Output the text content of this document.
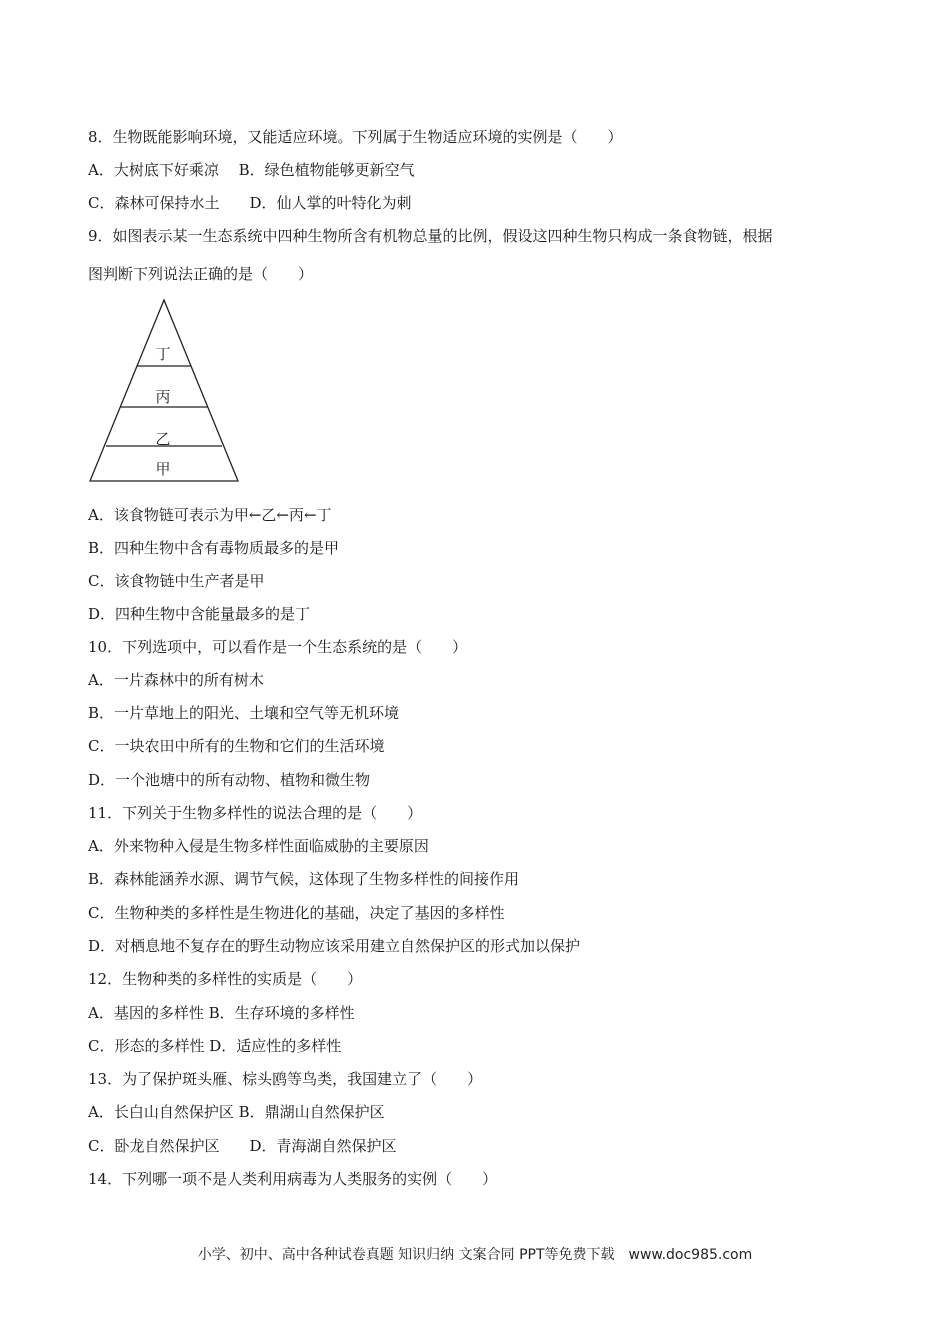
8．生物既能影响环境，又能适应环境。下列属于生物适应环境的实例是（　　）
A．大树底下好乘凉　 B．绿色植物能够更新空气
C．森林可保持水土　　D．仙人掌的叶特化为刺
9．如图表示某一生态系统中四种生物所含有机物总量的比例，假设这四种生物只构成一条食物链，根据
图判断下列说法正确的是（　　）
丁
丙
乙
甲
A．该食物链可表示为甲←乙←丙←丁
B．四种生物中含有毒物质最多的是甲
C．该食物链中生产者是甲
D．四种生物中含能量最多的是丁
10．下列选项中，可以看作是一个生态系统的是（　　）
A．一片森林中的所有树木
B．一片草地上的阳光、土壤和空气等无机环境
C．一块农田中所有的生物和它们的生活环境
D．一个池塘中的所有动物、植物和微生物
11．下列关于生物多样性的说法合理的是（　　）
A．外来物种入侵是生物多样性面临威胁的主要原因
B．森林能涵养水源、调节气候，这体现了生物多样性的间接作用
C．生物种类的多样性是生物进化的基础，决定了基因的多样性
D．对栖息地不复存在的野生动物应该采用建立自然保护区的形式加以保护
12．生物种类的多样性的实质是（　　）
A．基因的多样性 B．生存环境的多样性
C．形态的多样性 D．适应性的多样性
13．为了保护斑头雁、棕头鸥等鸟类，我国建立了（　　）
A．长白山自然保护区 B．鼎湖山自然保护区
C．卧龙自然保护区　　D．青海湖自然保护区
14．下列哪一项不是人类利用病毒为人类服务的实例（　　）
小学、初中、高中各种试卷真题 知识归纳 文案合同 PPT等免费下载　www.doc985.com
